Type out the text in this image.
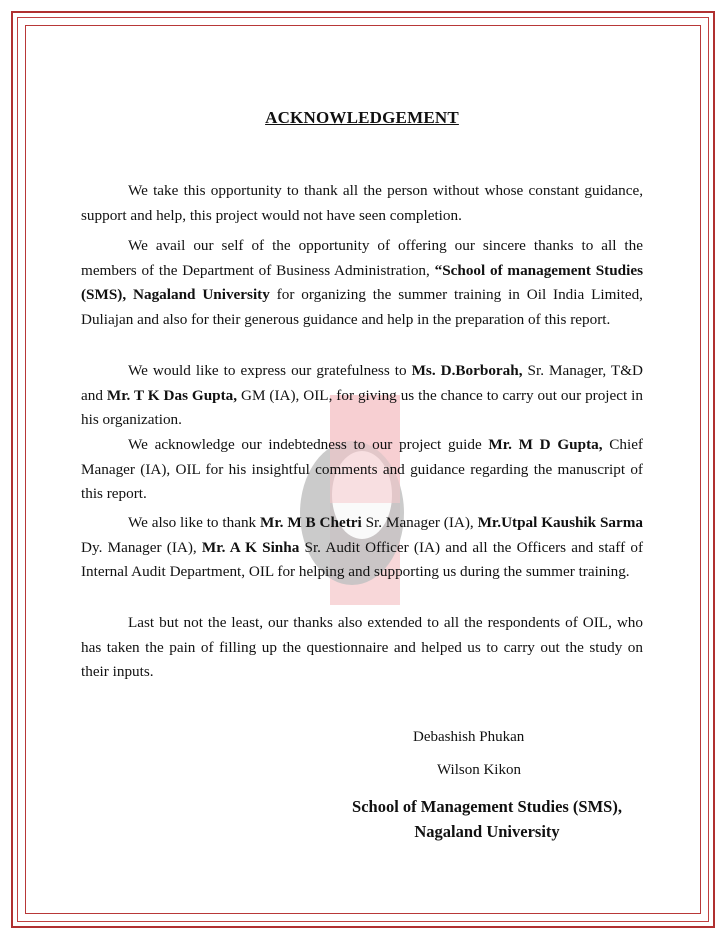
ACKNOWLEDGEMENT

We take this opportunity to thank all the person without whose constant guidance, support and help, this project would not have seen completion.

We avail our self of the opportunity of offering our sincere thanks to all the members of the Department of Business Administration, “School of management Studies (SMS), Nagaland University for organizing the summer training in Oil India Limited, Duliajan and also for their generous guidance and help in the preparation of this report.

We would like to express our gratefulness to Ms. D.Borborah, Sr. Manager, T&D and Mr. T K Das Gupta, GM (IA), OIL, for giving us the chance to carry out our project in his organization.

We acknowledge our indebtedness to our project guide Mr. M D Gupta, Chief Manager (IA), OIL for his insightful comments and guidance regarding the manuscript of this report.

We also like to thank Mr. M B Chetri Sr. Manager (IA), Mr.Utpal Kaushik Sarma Dy. Manager (IA), Mr. A K Sinha Sr. Audit Officer (IA) and all the Officers and staff of Internal Audit Department, OIL for helping and supporting us during the summer training.

Last but not the least, our thanks also extended to all the respondents of OIL, who has taken the pain of filling up the questionnaire and helped us to carry out the study on their inputs.

Debashish Phukan
Wilson Kikon
School of Management Studies (SMS),
Nagaland University
